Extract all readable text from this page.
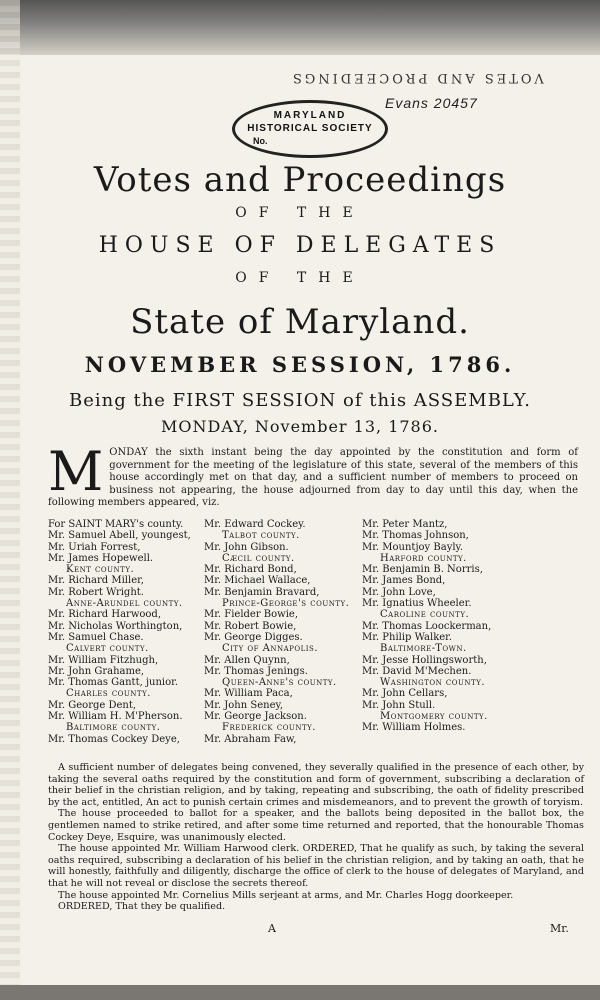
VOTES AND PROCEEDINGS
Evans 20457
MARYLAND
HISTORICAL SOCIETY
No.
Votes and Proceedings
OF THE
HOUSE OF DELEGATES
OF THE
State of Maryland.
NOVEMBER SESSION, 1786.
Being the FIRST SESSION of this ASSEMBLY.
MONDAY, November 13, 1786.
M ONDAY the sixth instant being the day appointed by the constitution and form of government for the meeting of the legislature of this state, several of the members of this house accordingly met on that day, and a sufficient number of members to proceed on business not appearing, the house adjourned from day to day until this day, when the following members appeared, viz.
For SAINT MARY's county.
Mr. Samuel Abell, youngest,
Mr. Uriah Forrest,
Mr. James Hopewell.
Kent county.
Mr. Richard Miller,
Mr. Robert Wright.
Anne-Arundel county.
Mr. Richard Harwood,
Mr. Nicholas Worthington,
Mr. Samuel Chase.
Calvert county.
Mr. William Fitzhugh,
Mr. John Grahame,
Mr. Thomas Gantt, junior.
Charles county.
Mr. George Dent,
Mr. William H. M'Pherson.
Baltimore county.
Mr. Thomas Cockey Deye,
Mr. Edward Cockey.
Talbot county.
Mr. John Gibson.
Cæcil county.
Mr. Richard Bond,
Mr. Michael Wallace,
Mr. Benjamin Bravard,
Prince-George's county.
Mr. Fielder Bowie,
Mr. Robert Bowie,
Mr. George Digges.
City of Annapolis.
Mr. Allen Quynn,
Mr. Thomas Jenings.
Queen-Anne's county.
Mr. William Paca,
Mr. John Seney,
Mr. George Jackson.
Frederick county.
Mr. Abraham Faw,
Mr. Peter Mantz,
Mr. Thomas Johnson,
Mr. Mountjoy Bayly.
Harford county.
Mr. Benjamin B. Norris,
Mr. James Bond,
Mr. John Love,
Mr. Ignatius Wheeler.
Caroline county.
Mr. Thomas Loockerman,
Mr. Philip Walker.
Baltimore-Town.
Mr. Jesse Hollingsworth,
Mr. David M'Mechen.
Washington county.
Mr. John Cellars,
Mr. John Stull.
Montgomery county.
Mr. William Holmes.

A sufficient number of delegates being convened, they severally qualified in the presence of each other, by taking the several oaths required by the constitution and form of government, subscribing a declaration of their belief in the christian religion, and by taking, repeating and subscribing, the oath of fidelity prescribed by the act, entitled, An act to punish certain crimes and misdemeanors, and to prevent the growth of toryism.

The house proceeded to ballot for a speaker, and the ballots being deposited in the ballot box, the gentlemen named to strike retired, and after some time returned and reported, that the honourable Thomas Cockey Deye, Esquire, was unanimously elected.

The house appointed Mr. William Harwood clerk. ORDERED, That he qualify as such, by taking the several oaths required, subscribing a declaration of his belief in the christian religion, and by taking an oath, that he will honestly, faithfully and diligently, discharge the office of clerk to the house of delegates of Maryland, and that he will not reveal or disclose the secrets thereof.

The house appointed Mr. Cornelius Mills serjeant at arms, and Mr. Charles Hogg doorkeeper.

ORDERED, That they be qualified.

A	Mr.
